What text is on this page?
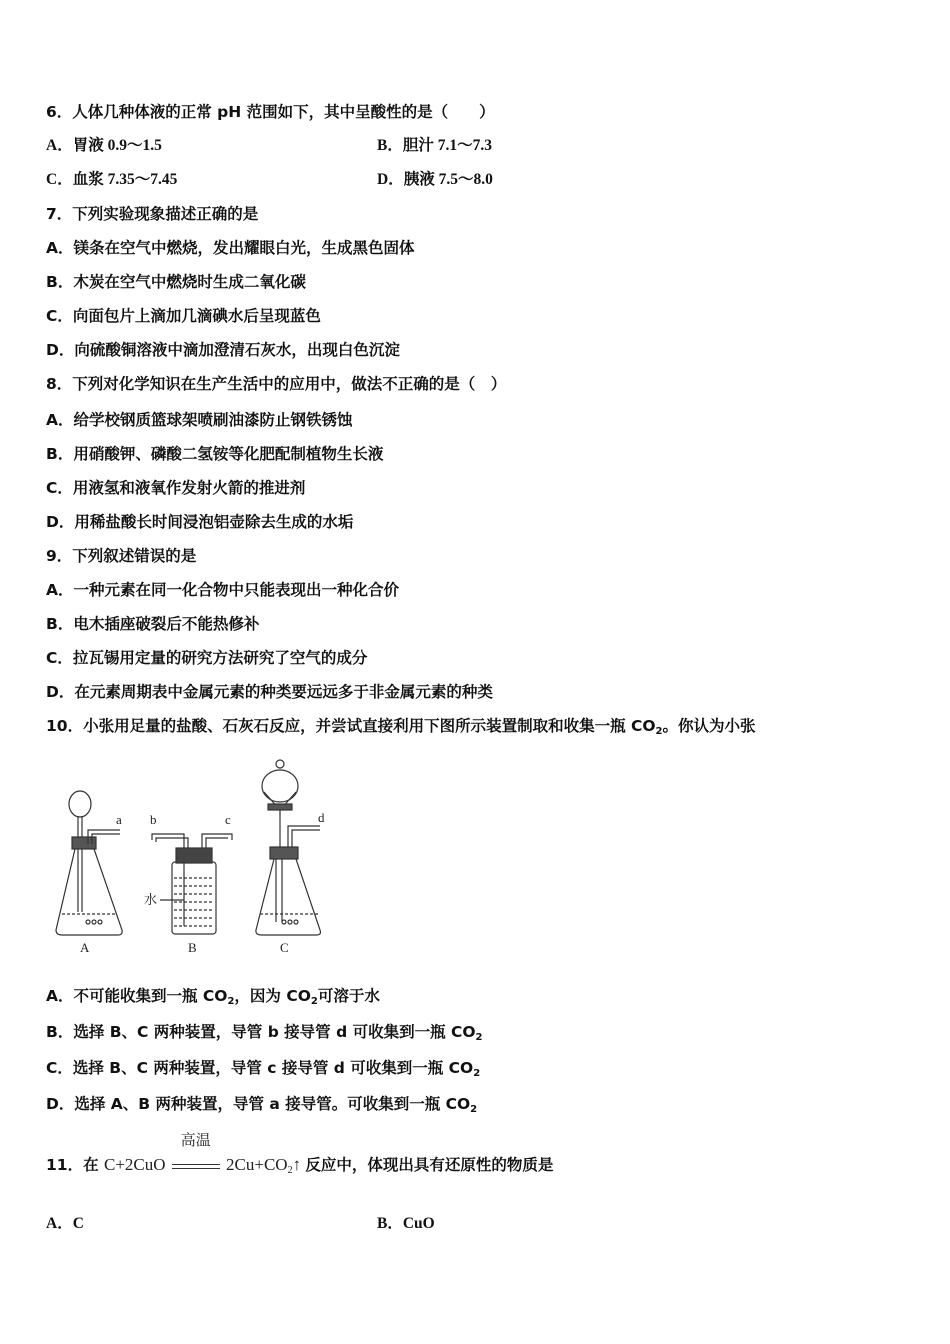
6．人体几种体液的正常 pH 范围如下，其中呈酸性的是（　　）
A．胃液 0.9～1.5	B．胆汁 7.1～7.3
C．血浆 7.35～7.45	D．胰液 7.5～8.0
7．下列实验现象描述正确的是
A．镁条在空气中燃烧，发出耀眼白光，生成黑色固体
B．木炭在空气中燃烧时生成二氧化碳
C．向面包片上滴加几滴碘水后呈现蓝色
D．向硫酸铜溶液中滴加澄清石灰水，出现白色沉淀
8．下列对化学知识在生产生活中的应用中，做法不正确的是（　）
A．给学校钢质篮球架喷刷油漆防止钢铁锈蚀
B．用硝酸钾、磷酸二氢铵等化肥配制植物生长液
C．用液氢和液氧作发射火箭的推进剂
D．用稀盐酸长时间浸泡铝壶除去生成的水垢
9．下列叙述错误的是
A．一种元素在同一化合物中只能表现出一种化合价
B．电木插座破裂后不能热修补
C．拉瓦锡用定量的研究方法研究了空气的成分
D．在元素周期表中金属元素的种类要远远多于非金属元素的种类
10．小张用足量的盐酸、石灰石反应，并尝试直接利用下图所示装置制取和收集一瓶 $CO_2$。你认为小张
a b	c	d
水
A	B	C
A．不可能收集到一瓶 $CO_2$，因为 $CO_2$可溶于水
B．选择 B、C 两种装置，导管 b 接导管 d 可收集到一瓶 $CO_2$
C．选择 B、C 两种装置，导管 c 接导管 d 可收集到一瓶 $CO_2$
D．选择 A、B 两种装置，导管 a 接导管。可收集到一瓶 $CO_2$
11．在 C+2CuO
高温
$2Cu+CO_2↑$ 反应中，体现出具有还原性的物质是
A．C	B．CuO
